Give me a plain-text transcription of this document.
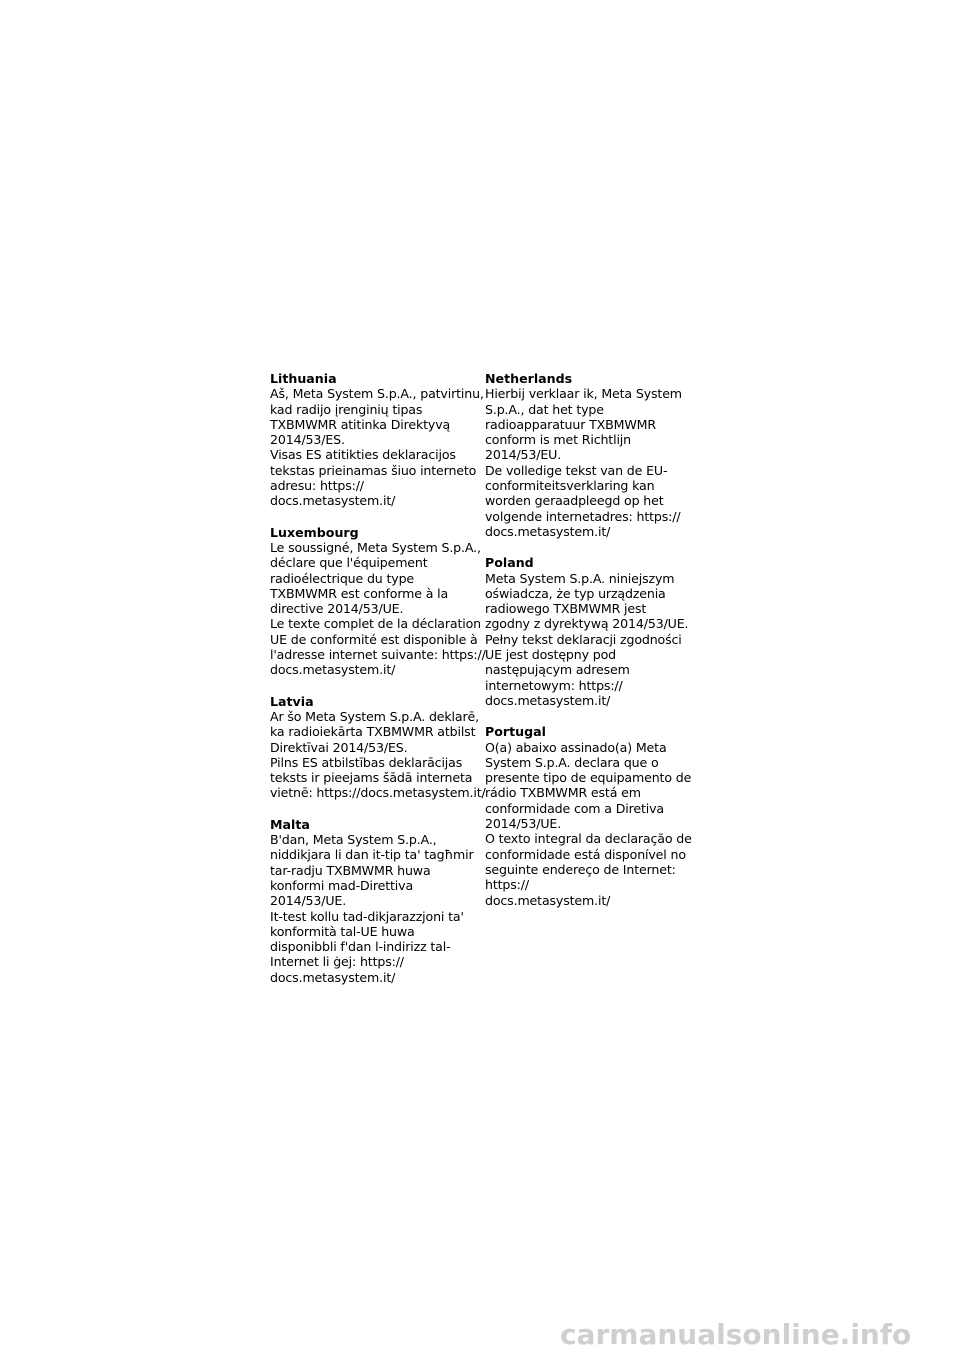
Lithuania

Aš, Meta System S.p.A., patvirtinu,
kad radijo įrenginių tipas
TXBMWMR atitinka Direktyvą
2014/53/ES.
Visas ES atitikties deklaracijos
tekstas prieinamas šiuo interneto
adresu: https://
docs.metasystem.it/

Luxembourg

Le soussigné, Meta System S.p.A.,
déclare que l'équipement
radioélectrique du type
TXBMWMR est conforme à la
directive 2014/53/UE.
Le texte complet de la déclaration
UE de conformité est disponible à
l'adresse internet suivante: https://
docs.metasystem.it/

Latvia

Ar šo Meta System S.p.A. deklarē,
ka radioiekārta TXBMWMR atbilst
Direktīvai 2014/53/ES.
Pilns ES atbilstības deklarācijas
teksts ir pieejams šādā interneta
vietnē: https://docs.metasystem.it/

Malta

B'dan, Meta System S.p.A.,
niddikjara li dan it-tip ta' tagħmir
tar-radju TXBMWMR huwa
konformi mad-Direttiva
2014/53/UE.
It-test kollu tad-dikjarazzjoni ta'
konformità tal-UE huwa
disponibbli f'dan l-indirizz tal-
Internet li ġej: https://
docs.metasystem.it/

Netherlands

Hierbij verklaar ik, Meta System
S.p.A., dat het type
radioapparatuur TXBMWMR
conform is met Richtlijn
2014/53/EU.
De volledige tekst van de EU-
conformiteitsverklaring kan
worden geraadpleegd op het
volgende internetadres: https://
docs.metasystem.it/

Poland

Meta System S.p.A. niniejszym
oświadcza, że typ urządzenia
radiowego TXBMWMR jest
zgodny z dyrektywą 2014/53/UE.
Pełny tekst deklaracji zgodności
UE jest dostępny pod
następującym adresem
internetowym: https://
docs.metasystem.it/

Portugal

O(a) abaixo assinado(a) Meta
System S.p.A. declara que o
presente tipo de equipamento de
rádio TXBMWMR está em
conformidade com a Diretiva
2014/53/UE.
O texto integral da declaração de
conformidade está disponível no
seguinte endereço de Internet:
https://
docs.metasystem.it/

carmanualsonline.info
